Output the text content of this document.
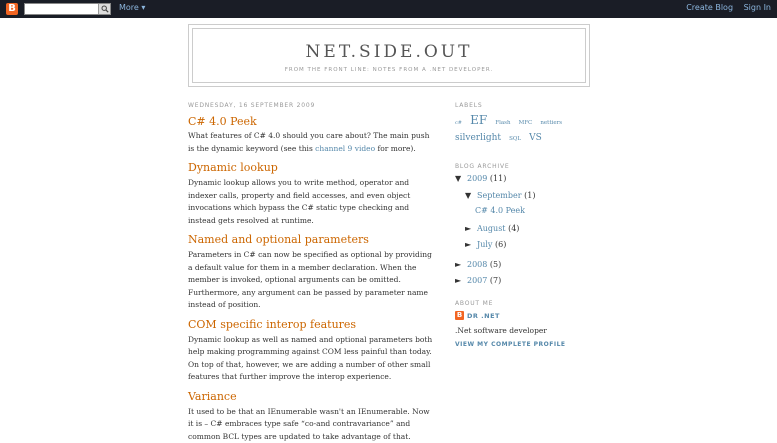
B	More ▾	Create Blog Sign In
NET.SIDE.OUT
FROM THE FRONT LINE: NOTES FROM A .NET DEVELOPER.
WEDNESDAY, 16 SEPTEMBER 2009
C# 4.0 Peek

What features of C# 4.0 should you care about? The main push is the dynamic keyword (see this channel 9 video for more).

Dynamic lookup

Dynamic lookup allows you to write method, operator and indexer calls, property and field accesses, and even object invocations which bypass the C# static type checking and instead gets resolved at runtime.

Named and optional parameters

Parameters in C# can now be specified as optional by providing a default value for them in a member declaration. When the member is invoked, optional arguments can be omitted. Furthermore, any argument can be passed by parameter name instead of position.

COM specific interop features

Dynamic lookup as well as named and optional parameters both help making programming against COM less painful than today. On top of that, however, we are adding a number of other small features that further improve the interop experience.

Variance

It used to be that an IEnumerable wasn't an IEnumerable. Now it is – C# embraces type safe “co-and contravariance” and common BCL types are updated to take advantage of that.

LABELS
c# EF Flash MFC nettiers silverlight SQL VS
BLOG ARCHIVE
▼ 2009 (11)
▼ September (1)
C# 4.0 Peek
► August (4)
► July (6)
► 2008 (5)
► 2007 (7)
ABOUT ME
B DR .NET
.Net software developer
VIEW MY COMPLETE PROFILE
